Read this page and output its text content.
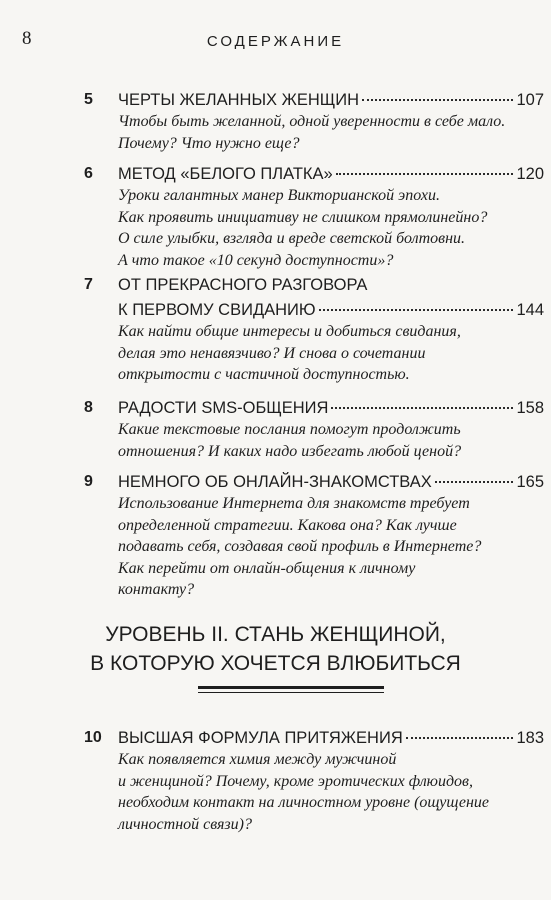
8	СОДЕРЖАНИЕ
5	ЧЕРТЫ ЖЕЛАННЫХ ЖЕНЩИН	107
Чтобы быть желанной, одной уверенности в себе мало.
Почему? Что нужно еще?
6	МЕТОД «БЕЛОГО ПЛАТКА»	120
Уроки галантных манер Викторианской эпохи.
Как проявить инициативу не слишком прямолинейно?
О силе улыбки, взгляда и вреде светской болтовни.
А что такое «10 секунд доступности»?
7	ОТ ПРЕКРАСНОГО РАЗГОВОРА
К ПЕРВОМУ СВИДАНИЮ	144
Как найти общие интересы и добиться свидания,
делая это ненавязчиво? И снова о сочетании
открытости с частичной доступностью.
8	РАДОСТИ SMS-ОБЩЕНИЯ	158
Какие текстовые послания помогут продолжить
отношения? И каких надо избегать любой ценой?
9	НЕМНОГО ОБ ОНЛАЙН-ЗНАКОМСТВАХ	165
Использование Интернета для знакомств требует
определенной стратегии. Какова она? Как лучше
подавать себя, создавая свой профиль в Интернете?
Как перейти от онлайн-общения к личному
контакту?
УРОВЕНЬ II. СТАНЬ ЖЕНЩИНОЙ,
В КОТОРУЮ ХОЧЕТСЯ ВЛЮБИТЬСЯ
10 ВЫСШАЯ ФОРМУЛА ПРИТЯЖЕНИЯ	183
Как появляется химия между мужчиной
и женщиной? Почему, кроме эротических флюидов,
необходим контакт на личностном уровне (ощущение
личностной связи)?
